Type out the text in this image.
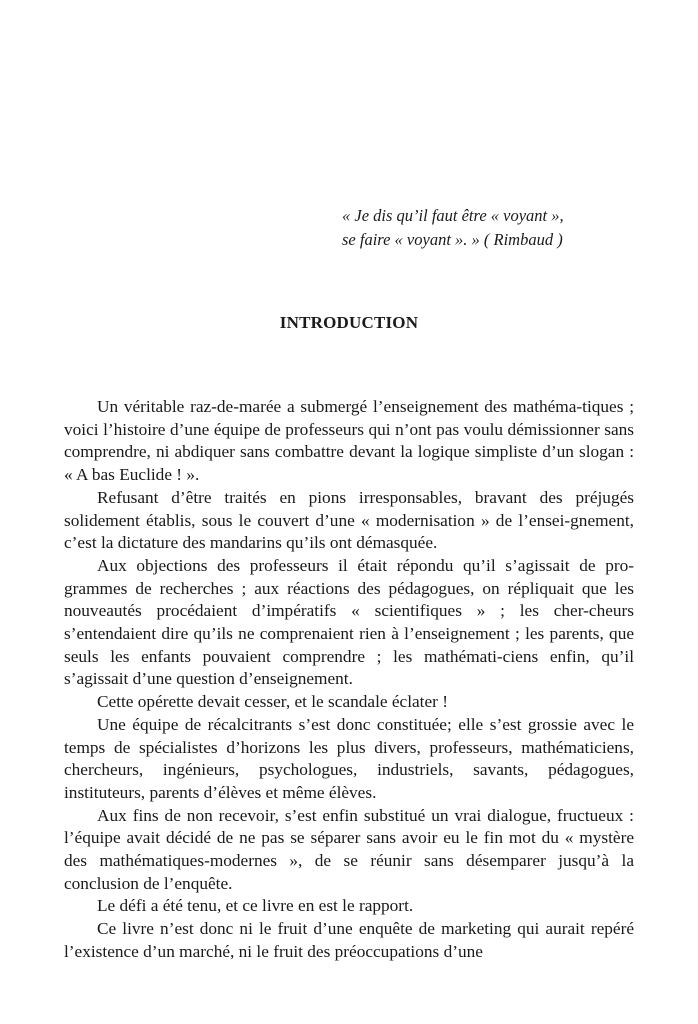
« Je dis qu’il faut être « voyant »,
se faire « voyant ». » ( Rimbaud )
INTRODUCTION

Un véritable raz-de-marée a submergé l’enseignement des mathéma-tiques ; voici l’histoire d’une équipe de professeurs qui n’ont pas voulu démissionner sans comprendre, ni abdiquer sans combattre devant la logique simpliste d’un slogan : « A bas Euclide ! ».

Refusant d’être traités en pions irresponsables, bravant des préjugés solidement établis, sous le couvert d’une « modernisation » de l’ensei-gnement, c’est la dictature des mandarins qu’ils ont démasquée.

Aux objections des professeurs il était répondu qu’il s’agissait de pro-grammes de recherches ; aux réactions des pédagogues, on répliquait que les nouveautés procédaient d’impératifs « scientifiques » ; les cher-cheurs s’entendaient dire qu’ils ne comprenaient rien à l’enseignement ; les parents, que seuls les enfants pouvaient comprendre ; les mathémati-ciens enfin, qu’il s’agissait d’une question d’enseignement.

Cette opérette devait cesser, et le scandale éclater !

Une équipe de récalcitrants s’est donc constituée; elle s’est grossie avec le temps de spécialistes d’horizons les plus divers, professeurs, mathématiciens, chercheurs, ingénieurs, psychologues, industriels, savants, pédagogues, instituteurs, parents d’élèves et même élèves.

Aux fins de non recevoir, s’est enfin substitué un vrai dialogue, fructueux : l’équipe avait décidé de ne pas se séparer sans avoir eu le fin mot du « mystère des mathématiques-modernes », de se réunir sans désemparer jusqu’à la conclusion de l’enquête.

Le défi a été tenu, et ce livre en est le rapport.

Ce livre n’est donc ni le fruit d’une enquête de marketing qui aurait repéré l’existence d’un marché, ni le fruit des préoccupations d’une
